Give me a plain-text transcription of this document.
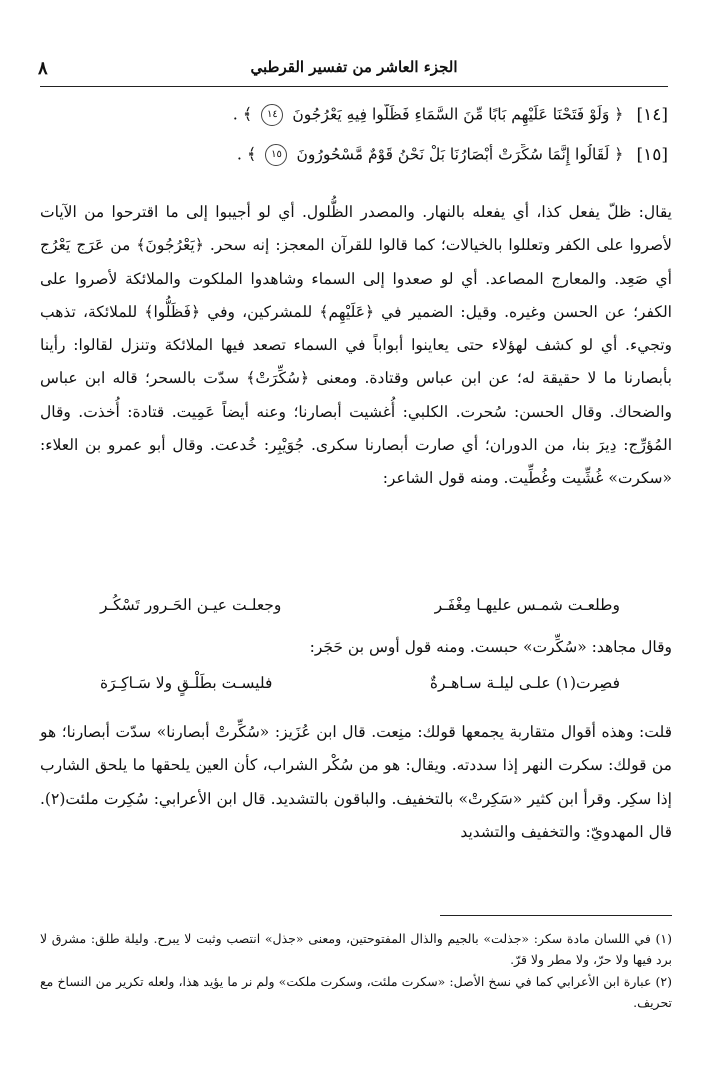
الجزء العاشر من تفسير القرطبي
٨
[١٤] ﴿ وَلَوْ فَتَحْنَا عَلَيْهِم بَابًا مِّنَ السَّمَاءِ فَظَلُّوا فِيهِ يَعْرُجُونَ ١٤ ﴾ .
[١٥] ﴿ لَقَالُوا إِنَّمَا سُكِّرَتْ أَبْصَارُنَا بَلْ نَحْنُ قَوْمٌ مَّسْحُورُونَ ١٥ ﴾ .

يقال: ظلّ يفعل كذا، أي يفعله بالنهار. والمصدر الظُّلول. أي لو أجيبوا إلى ما اقترحوا من الآيات لأصروا على الكفر وتعللوا بالخيالات؛ كما قالوا للقرآن المعجز: إنه سحر. ﴿يَعْرُجُونَ﴾ من عَرَج يَعْرُج أي صَعِد. والمعارج المصاعد. أي لو صعدوا إلى السماء وشاهدوا الملكوت والملائكة لأصروا على الكفر؛ عن الحسن وغيره. وقيل: الضمير في ﴿عَلَيْهِم﴾ للمشركين، وفي ﴿فَظَلُّوا﴾ للملائكة، تذهب وتجيء. أي لو كشف لهؤلاء حتى يعاينوا أبواباً في السماء تصعد فيها الملائكة وتنزل لقالوا: رأينا بأبصارنا ما لا حقيقة له؛ عن ابن عباس وقتادة. ومعنى ﴿سُكِّرَتْ﴾ سدّت بالسحر؛ قاله ابن عباس والضحاك. وقال الحسن: سُحرت. الكلبي: أُغشيت أبصارنا؛ وعنه أيضاً عَمِيت. قتادة: أُخذت. وقال المُؤرِّج: دِيرَ بنا، من الدوران؛ أي صارت أبصارنا سكرى. جُوَيْبِر: خُدعت. وقال أبو عمرو بن العلاء: «سكرت» غُشِّيت وغُطِّيت. ومنه قول الشاعر:

وطلعـت شمـس عليهـا مِغْفَـر
وجعلـت عيـن الحَـرور تَسْكُـر

وقال مجاهد: «سُكِّرت» حبست. ومنه قول أوس بن حَجَر:

فصِرت(١) علـى ليلـة سـاهـرةٌ
فليسـت بطَلْـقٍ ولا سَـاكِـرَة

قلت: وهذه أقوال متقاربة يجمعها قولك: منِعت. قال ابن عُزَيز: «سُكِّرتْ أبصارنا» سدّت أبصارنا؛ هو من قولك: سكرت النهر إذا سددته. ويقال: هو من سُكْر الشراب، كأن العين يلحقها ما يلحق الشارب إذا سكِر. وقرأ ابن كثير «سَكِرتْ» بالتخفيف. والباقون بالتشديد. قال ابن الأعرابي: سُكِرت ملئت(٢). قال المهدويّ: والتخفيف والتشديد

(١) في اللسان مادة سكر: «جذلت» بالجيم والذال المفتوحتين، ومعنى «جذل» انتصب وثبت لا يبرح. وليلة طلق: مشرق لا برد فيها ولا حرّ، ولا مطر ولا قرّ.

(٢) عبارة ابن الأعرابي كما في نسخ الأصل: «سكرت ملئت، وسكرت ملكت» ولم نر ما يؤيد هذا، ولعله تكرير من النساخ مع تحريف.
